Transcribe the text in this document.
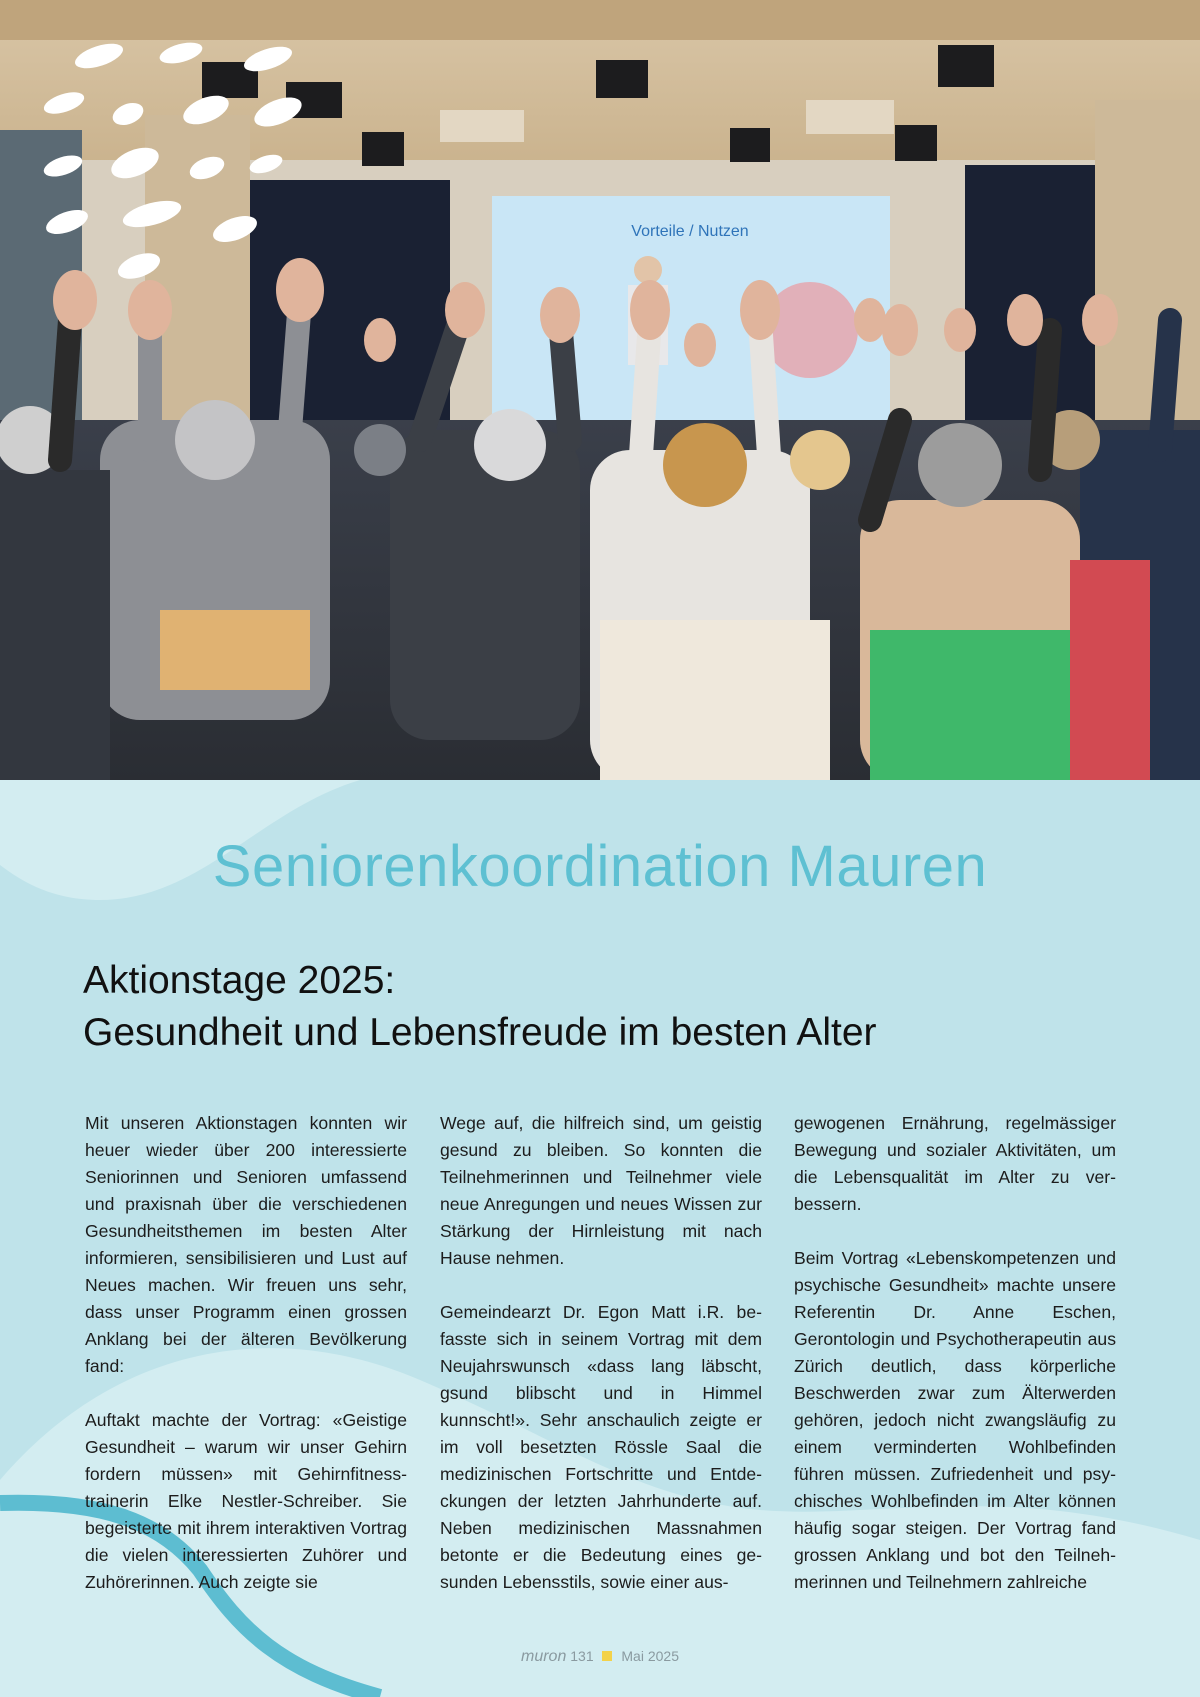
Vorteile / Nutzen
Seniorenkoordination Mauren
Aktionstage 2025:
Gesundheit und Lebensfreude im besten Alter

Mit unseren Aktionstagen konnten wir heuer wieder über 200 interessierte Seniorinnen und Senioren umfassend und praxisnah über die verschiedenen Gesundheitsthemen im besten Alter informieren, sensibilisieren und Lust auf Neues machen. Wir freuen uns sehr, dass unser Programm einen grossen Anklang bei der älteren Bevölkerung fand:

Auftakt machte der Vortrag: «Geistige Gesundheit – warum wir unser Gehirn fordern müssen» mit Gehirnfitnesstrainerin Elke Nestler-Schreiber. Sie begeisterte mit ihrem interaktiven Vortrag die vielen interessierten Zuhörer und Zuhörerinnen. Auch zeigte sie

Wege auf, die hilfreich sind, um geistig gesund zu bleiben. So konnten die Teilnehmerinnen und Teilnehmer viele neue Anregungen und neues Wissen zur Stärkung der Hirnleistung mit nach Hause nehmen.

Gemeindearzt Dr. Egon Matt i.R. befasste sich in seinem Vortrag mit dem Neujahrswunsch «dass lang läbscht, gsund blibscht und in Himmel kunnscht!». Sehr anschaulich zeigte er im voll besetzten Rössle Saal die medizinischen Fortschritte und Entdeckungen der letzten Jahrhunderte auf. Neben medizinischen Massnahmen betonte er die Bedeutung eines gesunden Lebensstils, sowie einer aus-

gewogenen Ernährung, regelmässiger Bewegung und sozialer Aktivitäten, um die Lebensqualität im Alter zu verbessern.

Beim Vortrag «Lebenskompetenzen und psychische Gesundheit» machte unsere Referentin Dr. Anne Eschen, Gerontologin und Psychotherapeutin aus Zürich deutlich, dass körperliche Beschwerden zwar zum Älterwerden gehören, jedoch nicht zwangsläufig zu einem verminderten Wohlbefinden führen müssen. Zufriedenheit und psychisches Wohlbefinden im Alter können häufig sogar steigen. Der Vortrag fand grossen Anklang und bot den Teilnehmerinnen und Teilnehmern zahlreiche

muron 131 Mai 2025
